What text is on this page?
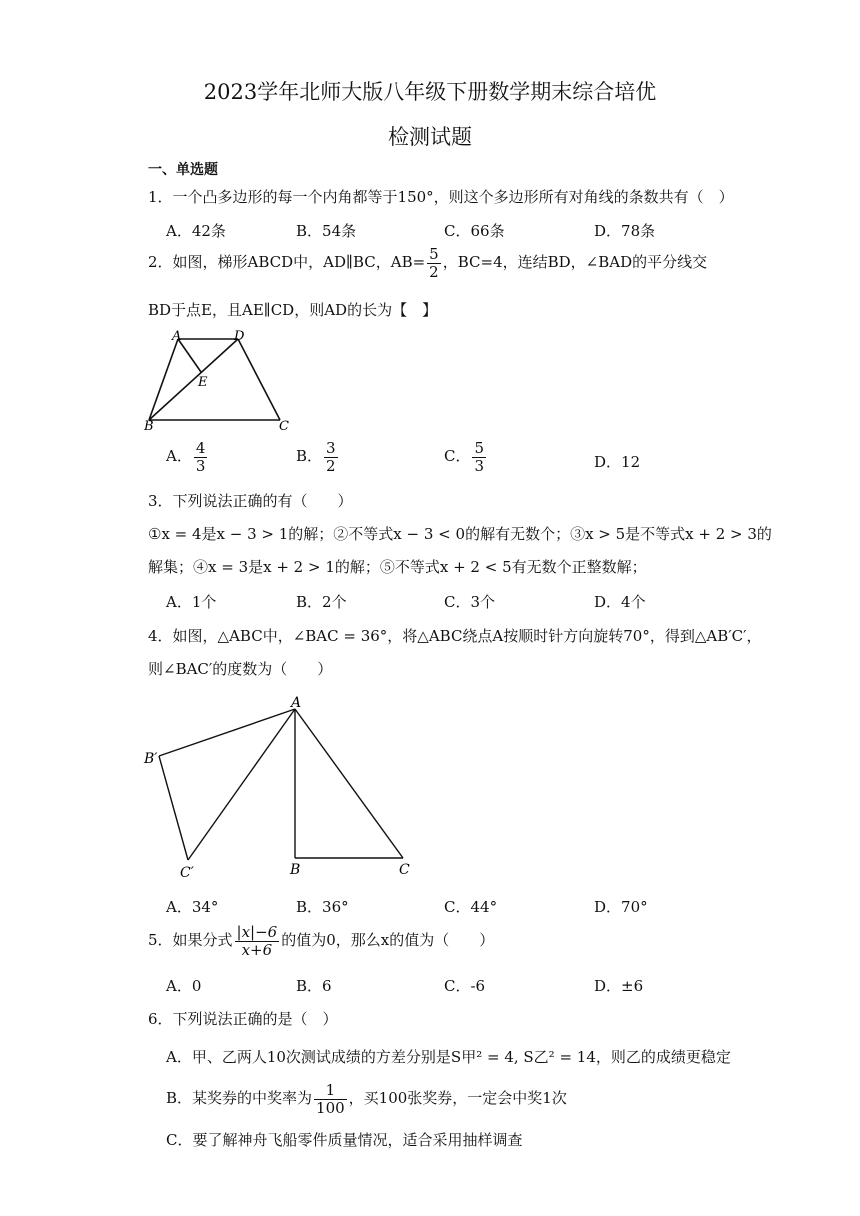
2023学年北师大版八年级下册数学期末综合培优
检测试题
一、单选题
1．一个凸多边形的每一个内角都等于150°，则这个多边形所有对角线的条数共有（　）
A．42条	B．54条	C．66条	D．78条
2．如图，梯形ABCD中，AD∥BC，$AB= \frac{5}{2}$ ，BC=4，连结BD，∠BAD的平分线交
BD于点E，且AE∥CD，则AD的长为【　】
A	D
E
B	C
A． $\frac{4}{3}$	B． $\frac{3}{2}$	C． $\frac{5}{3}$	D．12
3．下列说法正确的有（　　）
①x = 4是x − 3 > 1的解；②不等式x − 3 < 0的解有无数个；③x > 5是不等式x + 2 > 3的
解集；④x = 3是x + 2 > 1的解；⑤不等式x + 2 < 5有无数个正整数解；
A．1个	B．2个	C．3个	D．4个
4．如图，△ABC中，∠BAC = 36°，将△ABC绕点A按顺时针方向旋转70°，得到△AB′C′，
则∠BAC′的度数为（　　）
A
B′
C′	B	C
A．34°	B．36°	C．44°	D．70°
5．如果分式 $\frac{|x|-6}{x+6}$ 的值为0，那么x的值为（　　）
A．0	B．6	C．-6	D．±6
6．下列说法正确的是（　）
A．甲、乙两人10次测试成绩的方差分别是S甲² = 4, S乙² = 14，则乙的成绩更稳定
B．某奖券的中奖率为 $\frac{1}{100}$ ，买100张奖券，一定会中奖1次
C．要了解神舟飞船零件质量情况，适合采用抽样调查
